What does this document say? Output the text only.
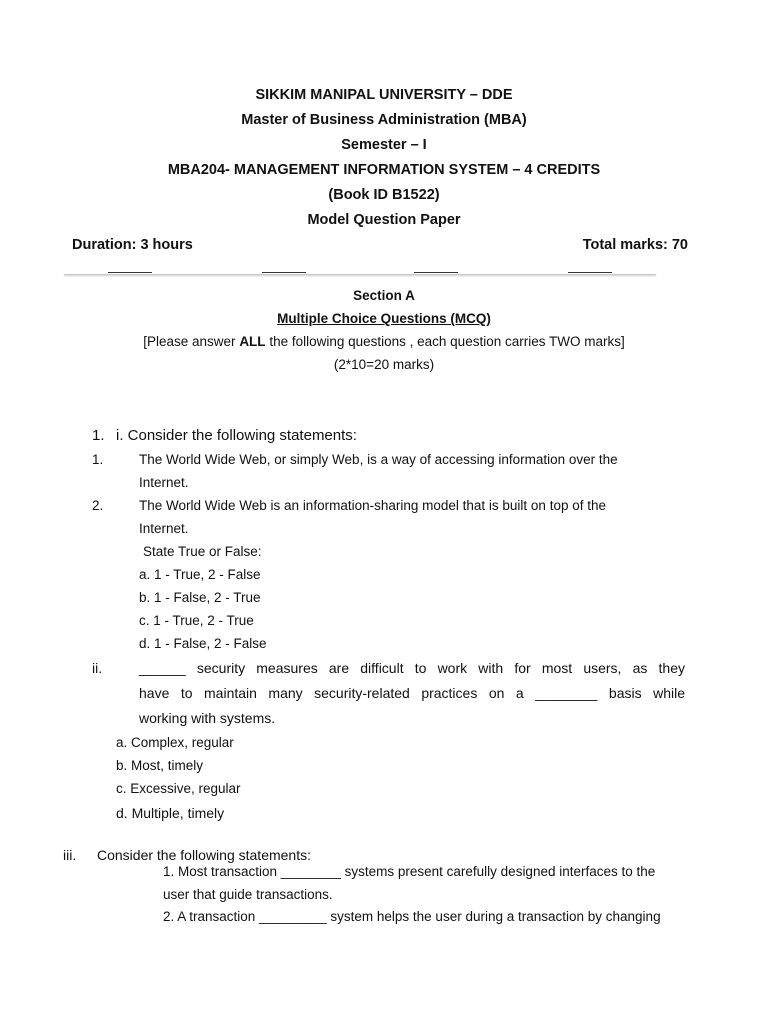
SIKKIM MANIPAL UNIVERSITY – DDE
Master of Business Administration (MBA)
Semester – I
MBA204- MANAGEMENT INFORMATION SYSTEM – 4 CREDITS
(Book ID B1522)
Model Question Paper
Duration: 3 hours	Total marks: 70
Section A
Multiple Choice Questions (MCQ)
[Please answer ALL the following questions , each question carries TWO marks]
(2*10=20 marks)
1. i. Consider the following statements:
1.	The World Wide Web, or simply Web, is a way of accessing information over the
Internet.
2.	The World Wide Web is an information-sharing model that is built on top of the
Internet.
State True or False:
a. 1 - True, 2 - False
b. 1 - False, 2 - True
c. 1 - True, 2 - True
d. 1 - False, 2 - False
ii.	______ security measures are difficult to work with for most users, as they
have to maintain many security-related practices on a ________ basis while
working with systems.
a. Complex, regular
b. Most, timely
c. Excessive, regular
d. Multiple, timely
iii. Consider the following statements:
1. Most transaction ________ systems present carefully designed interfaces to the
user that guide transactions.
2. A transaction _________ system helps the user during a transaction by changing
